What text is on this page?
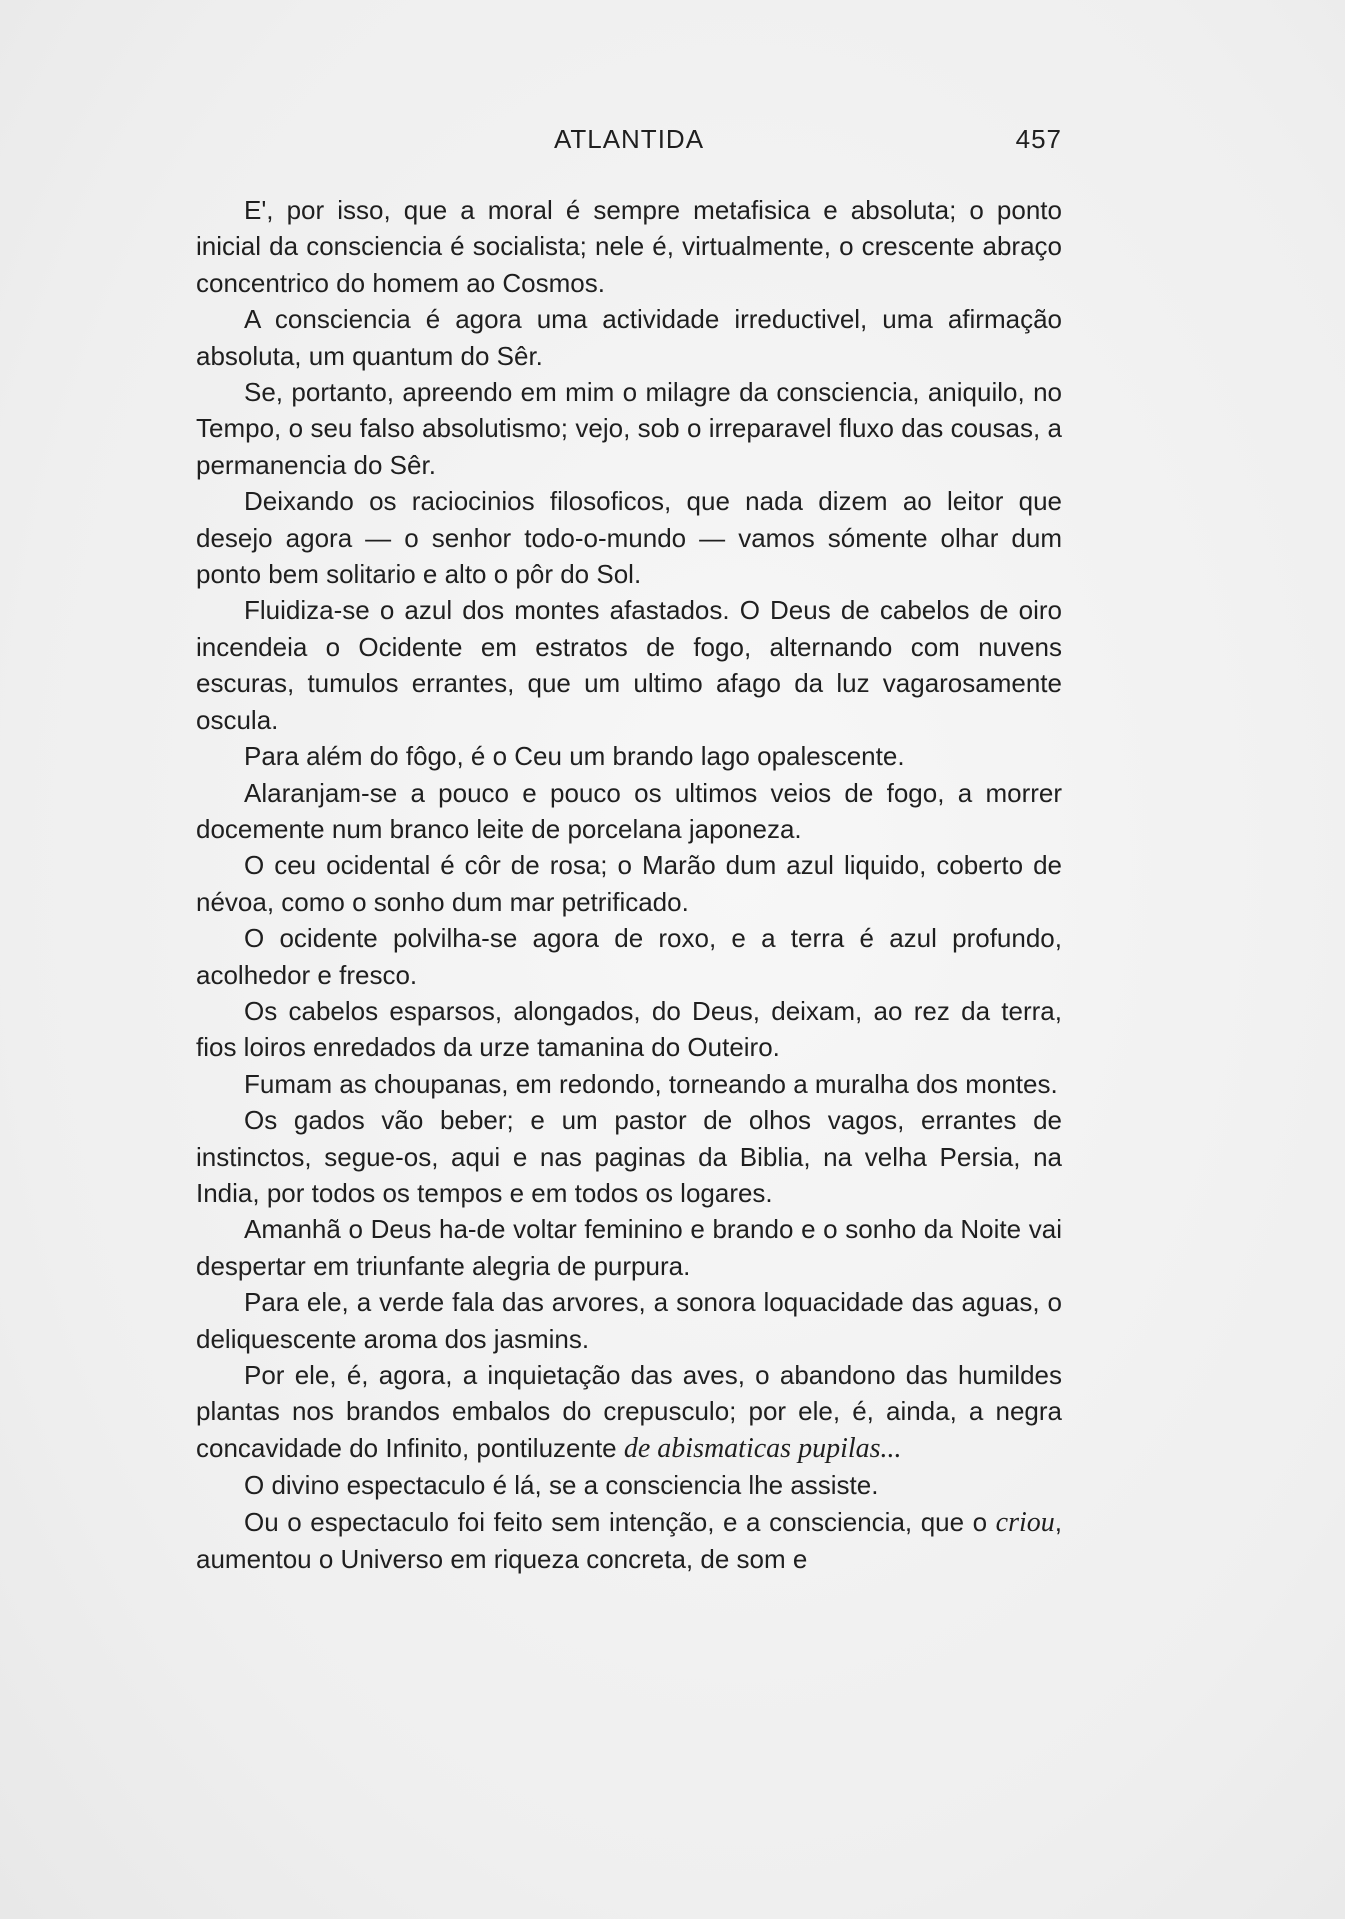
ATLANTIDA	457

E', por isso, que a moral é sempre metafisica e absoluta; o ponto inicial da consciencia é socialista; nele é, virtualmente, o crescente abraço concentrico do homem ao Cosmos.

A consciencia é agora uma actividade irreductivel, uma afirmação absoluta, um quantum do Sêr.

Se, portanto, apreendo em mim o milagre da consciencia, aniquilo, no Tempo, o seu falso absolutismo; vejo, sob o irreparavel fluxo das cousas, a permanencia do Sêr.

Deixando os raciocinios filosoficos, que nada dizem ao leitor que desejo agora — o senhor todo-o-mundo — vamos sómente olhar dum ponto bem solitario e alto o pôr do Sol.

Fluidiza-se o azul dos montes afastados. O Deus de cabelos de oiro incendeia o Ocidente em estratos de fogo, alternando com nuvens escuras, tumulos errantes, que um ultimo afago da luz vagarosamente oscula.

Para além do fôgo, é o Ceu um brando lago opalescente.

Alaranjam-se a pouco e pouco os ultimos veios de fogo, a morrer docemente num branco leite de porcelana japoneza.

O ceu ocidental é côr de rosa; o Marão dum azul liquido, coberto de névoa, como o sonho dum mar petrificado.

O ocidente polvilha-se agora de roxo, e a terra é azul profundo, acolhedor e fresco.

Os cabelos esparsos, alongados, do Deus, deixam, ao rez da terra, fios loiros enredados da urze tamanina do Outeiro.

Fumam as choupanas, em redondo, torneando a muralha dos montes.

Os gados vão beber; e um pastor de olhos vagos, errantes de instinctos, segue-os, aqui e nas paginas da Biblia, na velha Persia, na India, por todos os tempos e em todos os logares.

Amanhã o Deus ha-de voltar feminino e brando e o sonho da Noite vai despertar em triunfante alegria de purpura.

Para ele, a verde fala das arvores, a sonora loquacidade das aguas, o deliquescente aroma dos jasmins.

Por ele, é, agora, a inquietação das aves, o abandono das humildes plantas nos brandos embalos do crepusculo; por ele, é, ainda, a negra concavidade do Infinito, pontiluzente de abismaticas pupilas...

O divino espectaculo é lá, se a consciencia lhe assiste.

Ou o espectaculo foi feito sem intenção, e a consciencia, que o criou, aumentou o Universo em riqueza concreta, de som e
